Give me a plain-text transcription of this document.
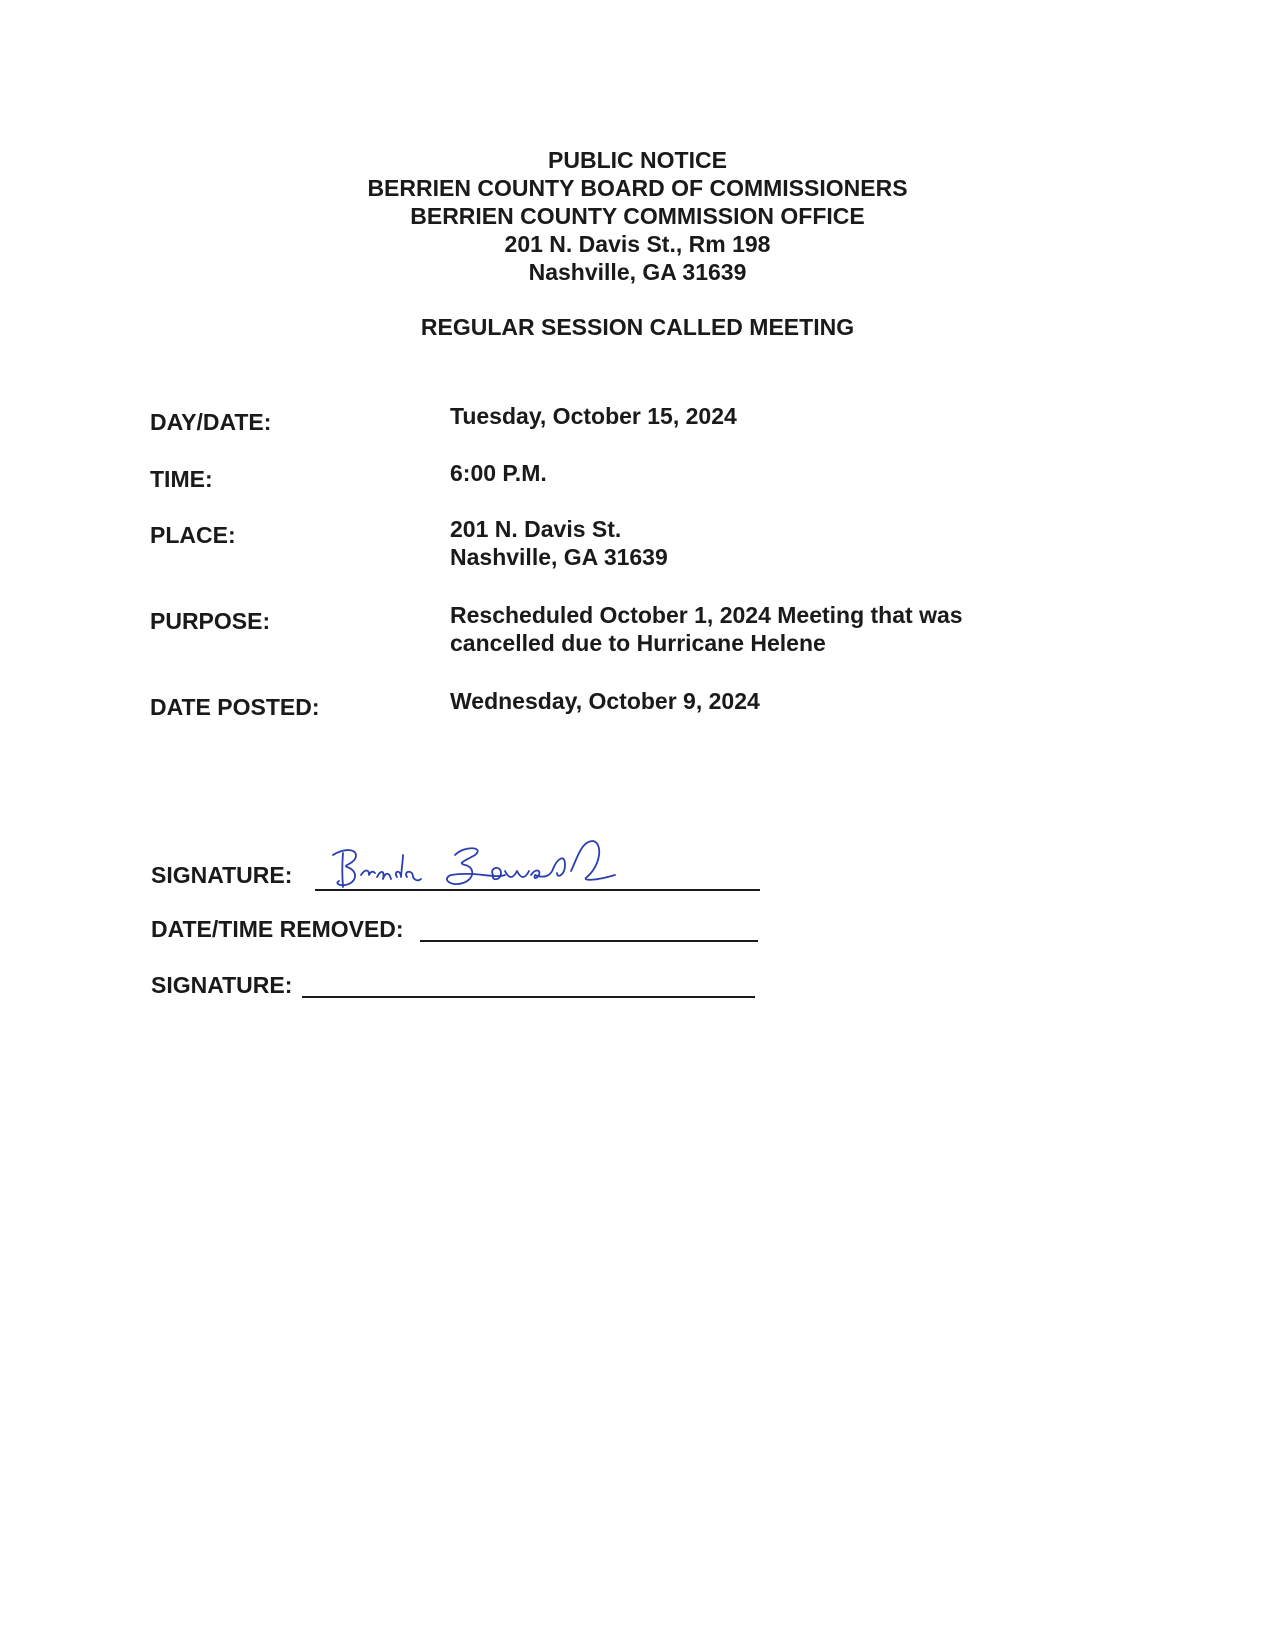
PUBLIC NOTICE
BERRIEN COUNTY BOARD OF COMMISSIONERS
BERRIEN COUNTY COMMISSION OFFICE
201 N. Davis St., Rm 198
Nashville, GA 31639
REGULAR SESSION CALLED MEETING
DAY/DATE:	Tuesday, October 15, 2024
TIME:	6:00 P.M.
PLACE:	201 N. Davis St.
Nashville, GA 31639
PURPOSE:	Rescheduled October 1, 2024 Meeting that was
cancelled due to Hurricane Helene
DATE POSTED:	Wednesday, October 9, 2024
SIGNATURE:
DATE/TIME REMOVED:
SIGNATURE:
